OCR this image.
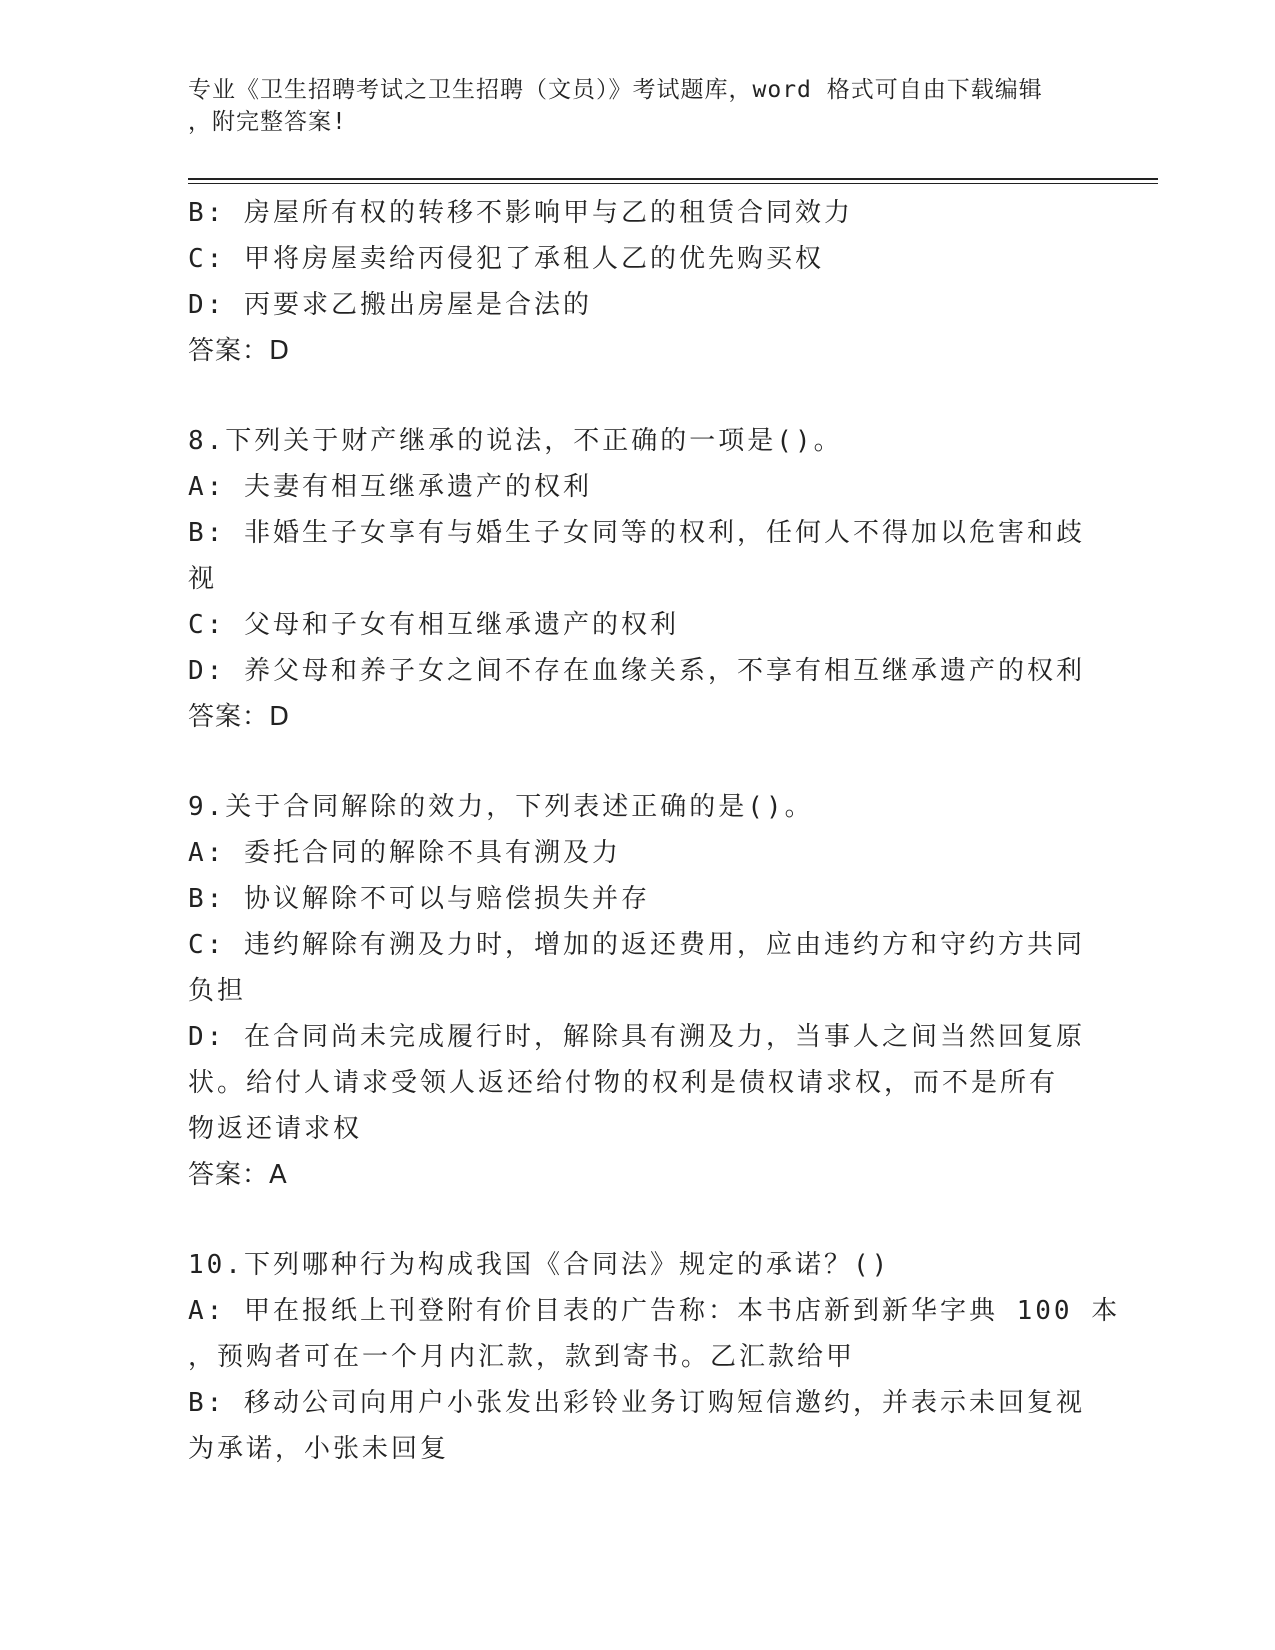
专业《卫生招聘考试之卫生招聘（文员）》考试题库，word 格式可自由下载编辑
，附完整答案!
B: 房屋所有权的转移不影响甲与乙的租赁合同效力
C: 甲将房屋卖给丙侵犯了承租人乙的优先购买权
D: 丙要求乙搬出房屋是合法的
答案：D
8.下列关于财产继承的说法，不正确的一项是()。
A: 夫妻有相互继承遗产的权利
B: 非婚生子女享有与婚生子女同等的权利，任何人不得加以危害和歧
视
C: 父母和子女有相互继承遗产的权利
D: 养父母和养子女之间不存在血缘关系，不享有相互继承遗产的权利
答案：D
9.关于合同解除的效力，下列表述正确的是()。
A: 委托合同的解除不具有溯及力
B: 协议解除不可以与赔偿损失并存
C: 违约解除有溯及力时，增加的返还费用，应由违约方和守约方共同
负担
D: 在合同尚未完成履行时，解除具有溯及力，当事人之间当然回复原
状。给付人请求受领人返还给付物的权利是债权请求权，而不是所有
物返还请求权
答案：A
10.下列哪种行为构成我国《合同法》规定的承诺？()
A: 甲在报纸上刊登附有价目表的广告称：本书店新到新华字典 100 本
，预购者可在一个月内汇款，款到寄书。乙汇款给甲
B: 移动公司向用户小张发出彩铃业务订购短信邀约，并表示未回复视
为承诺，小张未回复
